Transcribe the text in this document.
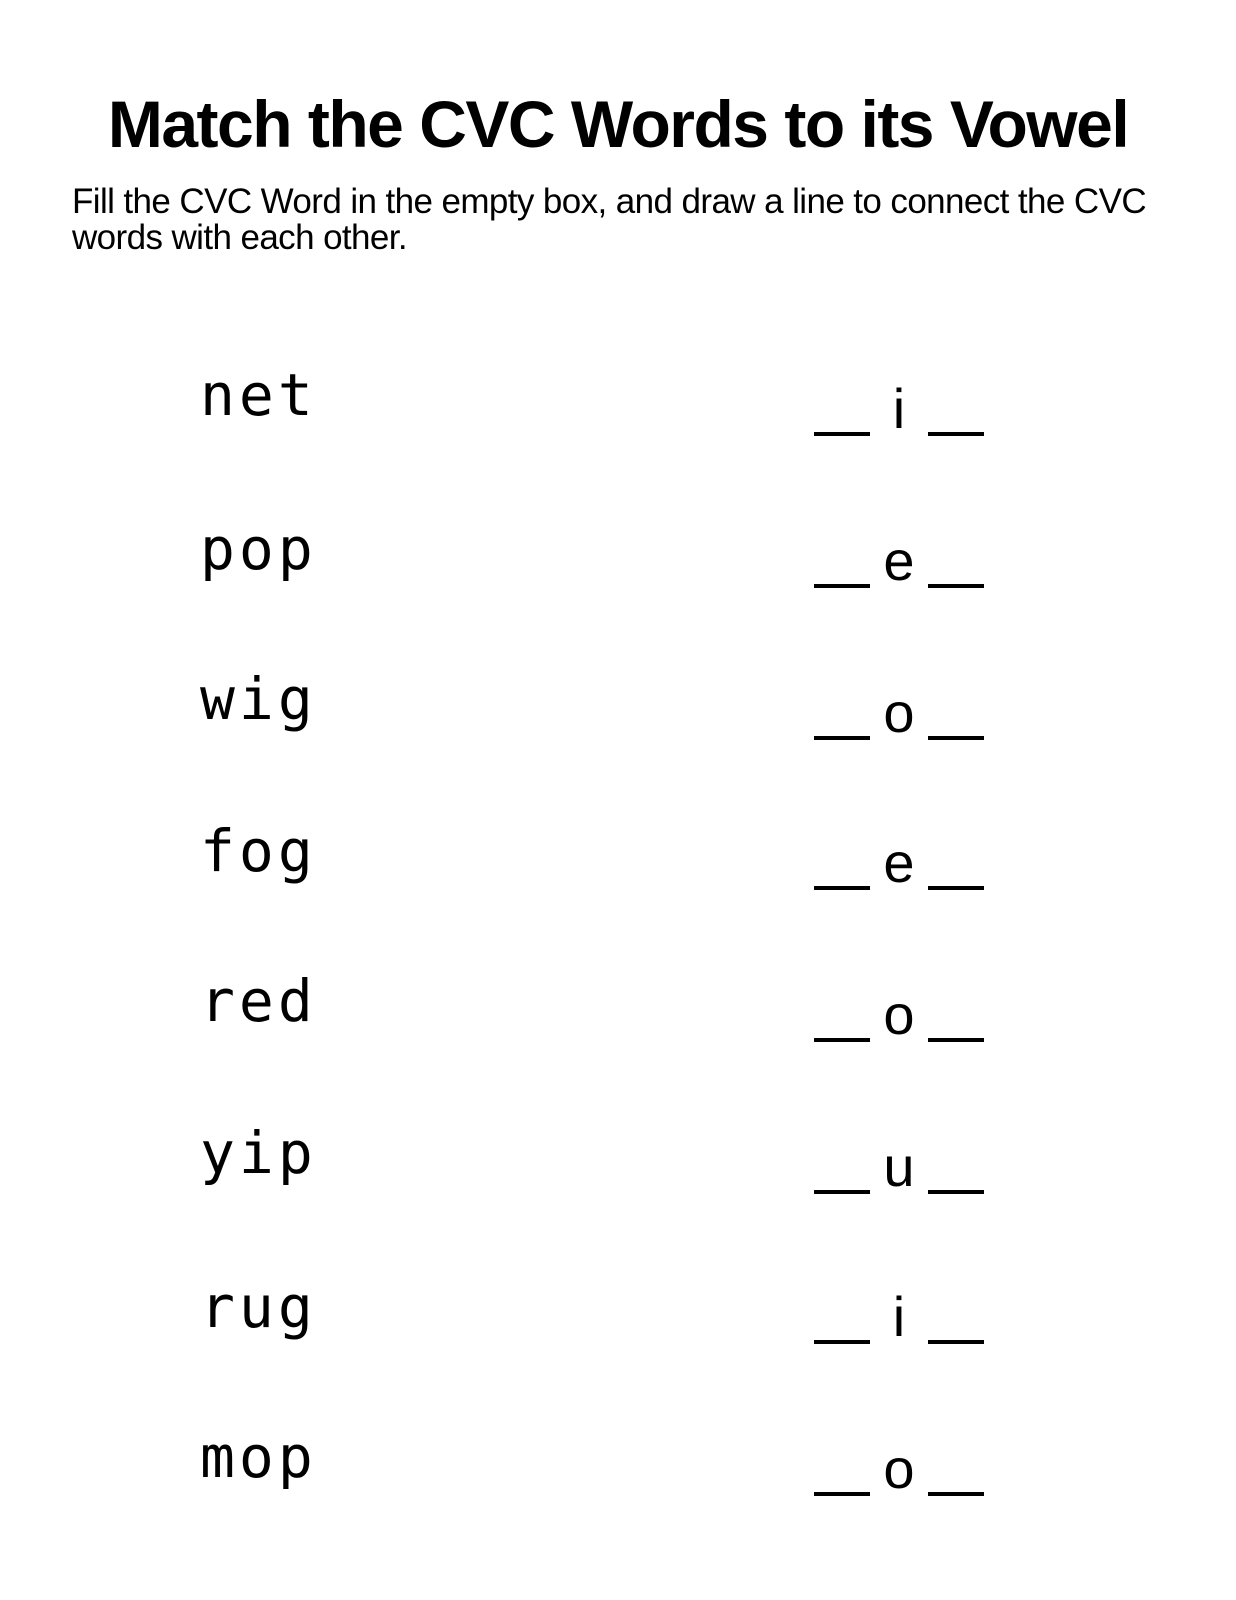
Match the CVC Words to its Vowel

Fill the CVC Word in the empty box, and draw a line to connect the CVC words with each other.

net
pop
wig
fog
red
yip
rug
mop
i
e
o
e
o
u
i
o
